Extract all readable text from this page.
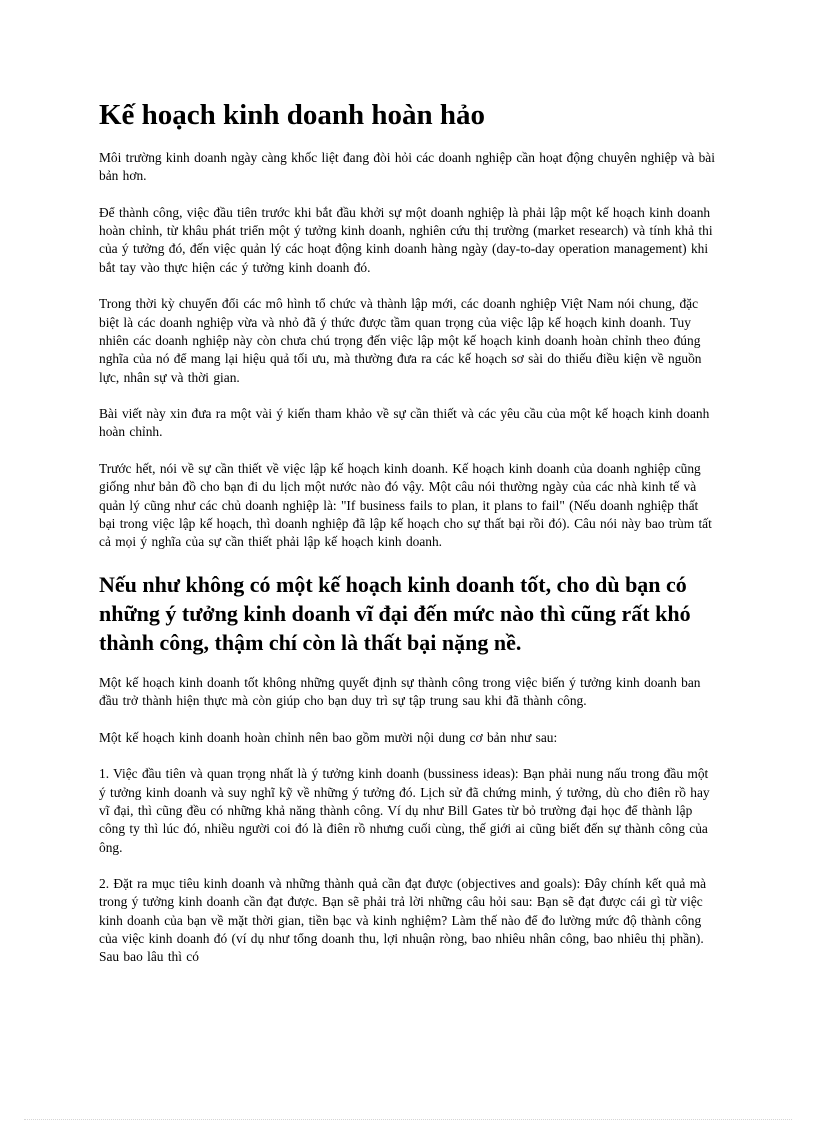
Kế hoạch kinh doanh hoàn hảo

Môi trường kinh doanh ngày càng khốc liệt đang đòi hỏi các doanh nghiệp cần hoạt động chuyên nghiệp và bài bản hơn.

Để thành công, việc đầu tiên trước khi bắt đầu khởi sự một doanh nghiệp là phải lập một kế hoạch kinh doanh hoàn chỉnh, từ khâu phát triển một ý tưởng kinh doanh, nghiên cứu thị trường (market research) và tính khả thi của ý tưởng đó, đến việc quản lý các hoạt động kinh doanh hàng ngày (day-to-day operation management) khi bắt tay vào thực hiện các ý tưởng kinh doanh đó.

Trong thời kỳ chuyển đổi các mô hình tổ chức và thành lập mới, các doanh nghiệp Việt Nam nói chung, đặc biệt là các doanh nghiệp vừa và nhỏ đã ý thức được tầm quan trọng của việc lập kế hoạch kinh doanh. Tuy nhiên các doanh nghiệp này còn chưa chú trọng đến việc lập một kế hoạch kinh doanh hoàn chỉnh theo đúng nghĩa của nó để mang lại hiệu quả tối ưu, mà thường đưa ra các kế hoạch sơ sài do thiếu điều kiện về nguồn lực, nhân sự và thời gian.

Bài viết này xin đưa ra một vài ý kiến tham khảo về sự cần thiết và các yêu cầu của một kế hoạch kinh doanh hoàn chỉnh.

Trước hết, nói về sự cần thiết về việc lập kế hoạch kinh doanh. Kế hoạch kinh doanh của doanh nghiệp cũng giống như bản đồ cho bạn đi du lịch một nước nào đó vậy. Một câu nói thường ngày của các nhà kinh tế và quản lý cũng như các chủ doanh nghiệp là: "If business fails to plan, it plans to fail" (Nếu doanh nghiệp thất bại trong việc lập kế hoạch, thì doanh nghiệp đã lập kế hoạch cho sự thất bại rồi đó). Câu nói này bao trùm tất cả mọi ý nghĩa của sự cần thiết phải lập kế hoạch kinh doanh.

Nếu như không có một kế hoạch kinh doanh tốt, cho dù bạn có những ý tưởng kinh doanh vĩ đại đến mức nào thì cũng rất khó thành công, thậm chí còn là thất bại nặng nề.

Một kế hoạch kinh doanh tốt không những quyết định sự thành công trong việc biến ý tưởng kinh doanh ban đầu trở thành hiện thực mà còn giúp cho bạn duy trì sự tập trung sau khi đã thành công.

Một kế hoạch kinh doanh hoàn chỉnh nên bao gồm mười nội dung cơ bản như sau:

1. Việc đầu tiên và quan trọng nhất là ý tưởng kinh doanh (bussiness ideas): Bạn phải nung nấu trong đầu một ý tưởng kinh doanh và suy nghĩ kỹ về những ý tưởng đó. Lịch sử đã chứng minh, ý tưởng, dù cho điên rồ hay vĩ đại, thì cũng đều có những khả năng thành công. Ví dụ như Bill Gates từ bỏ trường đại học để thành lập công ty thì lúc đó, nhiều người coi đó là điên rồ nhưng cuối cùng, thế giới ai cũng biết đến sự thành công của ông.

2. Đặt ra mục tiêu kinh doanh và những thành quả cần đạt được (objectives and goals): Đây chính kết quả mà trong ý tưởng kinh doanh cần đạt được. Bạn sẽ phải trả lời những câu hỏi sau: Bạn sẽ đạt được cái gì từ việc kinh doanh của bạn về mặt thời gian, tiền bạc và kinh nghiệm? Làm thế nào để đo lường mức độ thành công của việc kinh doanh đó (ví dụ như tổng doanh thu, lợi nhuận ròng, bao nhiêu nhân công, bao nhiêu thị phần). Sau bao lâu thì có
